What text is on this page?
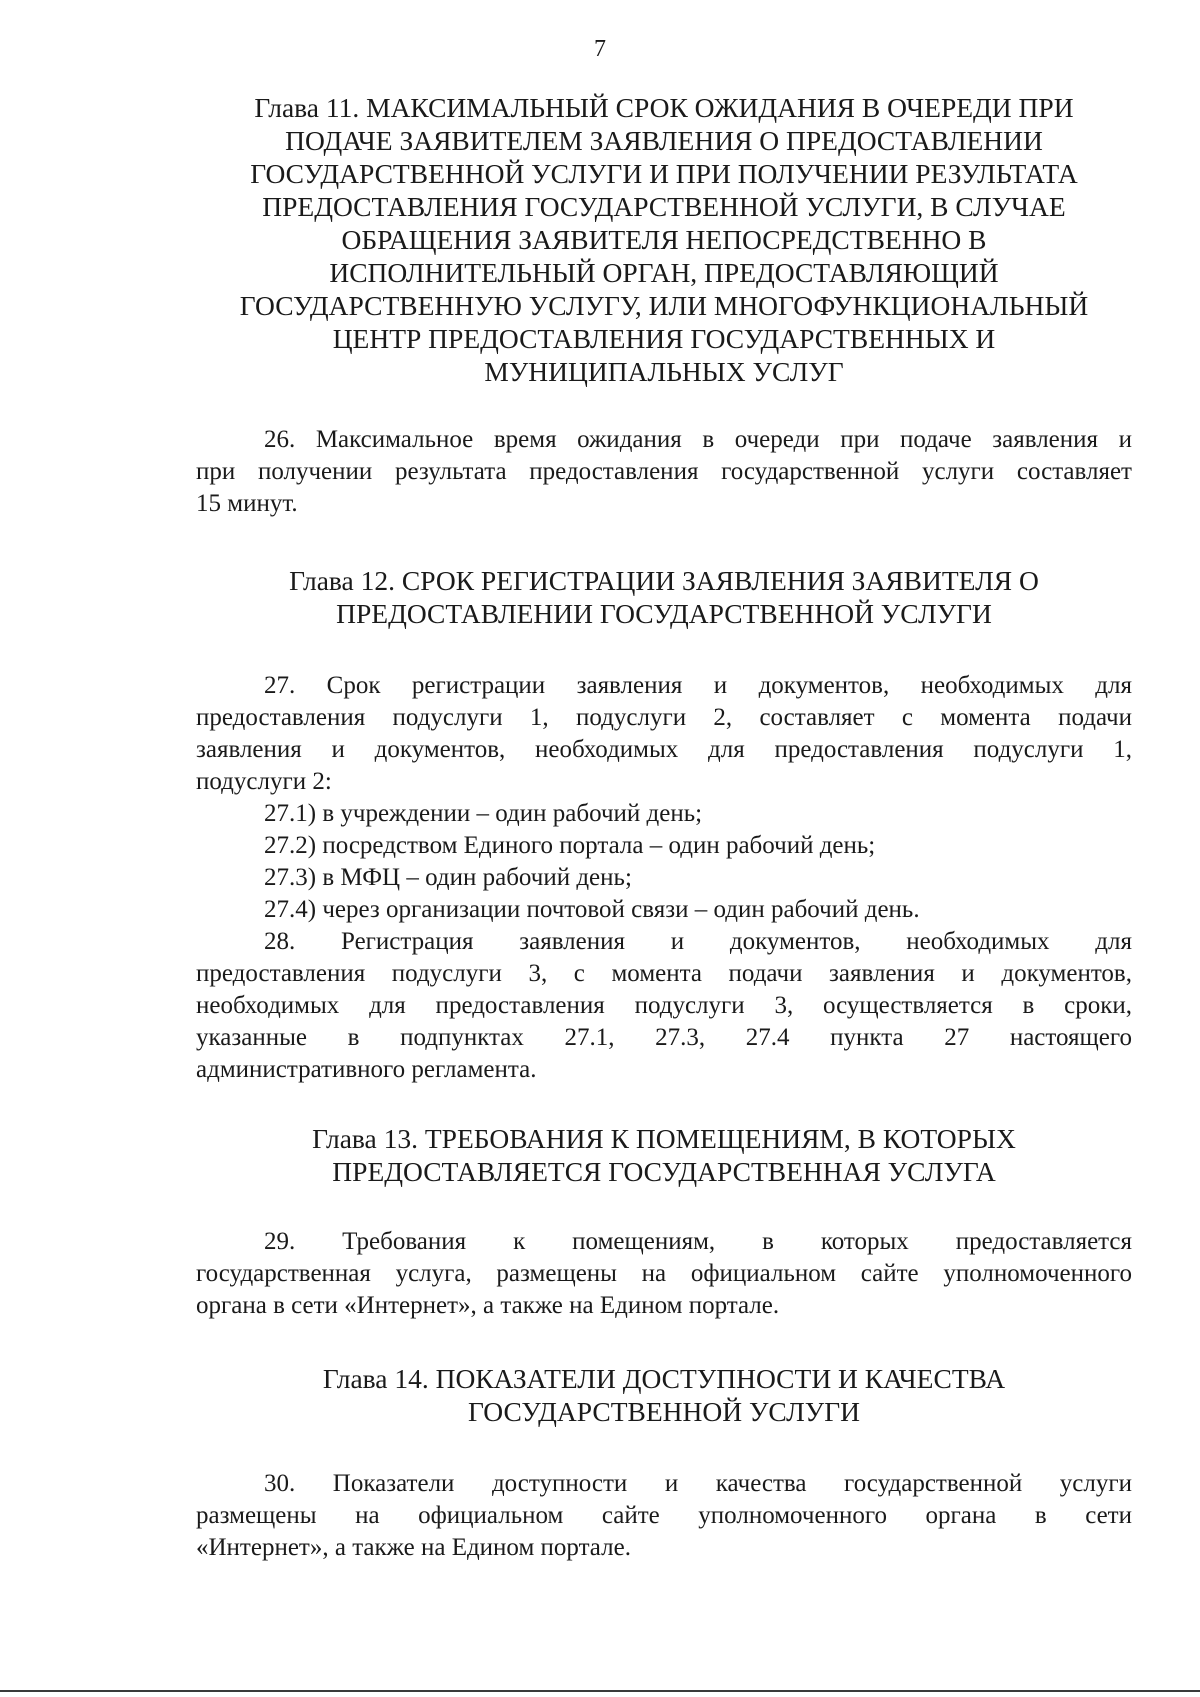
7
Глава 11. МАКСИМАЛЬНЫЙ СРОК ОЖИДАНИЯ В ОЧЕРЕДИ ПРИ
ПОДАЧЕ ЗАЯВИТЕЛЕМ ЗАЯВЛЕНИЯ О ПРЕДОСТАВЛЕНИИ
ГОСУДАРСТВЕННОЙ УСЛУГИ И ПРИ ПОЛУЧЕНИИ РЕЗУЛЬТАТА
ПРЕДОСТАВЛЕНИЯ ГОСУДАРСТВЕННОЙ УСЛУГИ, В СЛУЧАЕ
ОБРАЩЕНИЯ ЗАЯВИТЕЛЯ НЕПОСРЕДСТВЕННО В
ИСПОЛНИТЕЛЬНЫЙ ОРГАН, ПРЕДОСТАВЛЯЮЩИЙ
ГОСУДАРСТВЕННУЮ УСЛУГУ, ИЛИ МНОГОФУНКЦИОНАЛЬНЫЙ
ЦЕНТР ПРЕДОСТАВЛЕНИЯ ГОСУДАРСТВЕННЫХ И
МУНИЦИПАЛЬНЫХ УСЛУГ
26. Максимальное время ожидания в очереди при подаче заявления и
при получении результата предоставления государственной услуги составляет
15 минут.
Глава 12. СРОК РЕГИСТРАЦИИ ЗАЯВЛЕНИЯ ЗАЯВИТЕЛЯ О
ПРЕДОСТАВЛЕНИИ ГОСУДАРСТВЕННОЙ УСЛУГИ
27. Срок регистрации заявления и документов, необходимых для
предоставления подуслуги 1, подуслуги 2, составляет с момента подачи
заявления и документов, необходимых для предоставления подуслуги 1,
подуслуги 2:
27.1) в учреждении – один рабочий день;
27.2) посредством Единого портала – один рабочий день;
27.3) в МФЦ – один рабочий день;
27.4) через организации почтовой связи – один рабочий день.
28. Регистрация заявления и документов, необходимых для
предоставления подуслуги 3, с момента подачи заявления и документов,
необходимых для предоставления подуслуги 3, осуществляется в сроки,
указанные в подпунктах 27.1, 27.3, 27.4 пункта 27 настоящего
административного регламента.
Глава 13. ТРЕБОВАНИЯ К ПОМЕЩЕНИЯМ, В КОТОРЫХ
ПРЕДОСТАВЛЯЕТСЯ ГОСУДАРСТВЕННАЯ УСЛУГА
29. Требования к помещениям, в которых предоставляется
государственная услуга, размещены на официальном сайте уполномоченного
органа в сети «Интернет», а также на Едином портале.
Глава 14. ПОКАЗАТЕЛИ ДОСТУПНОСТИ И КАЧЕСТВА
ГОСУДАРСТВЕННОЙ УСЛУГИ
30. Показатели доступности и качества государственной услуги
размещены на официальном сайте уполномоченного органа в сети
«Интернет», а также на Едином портале.
